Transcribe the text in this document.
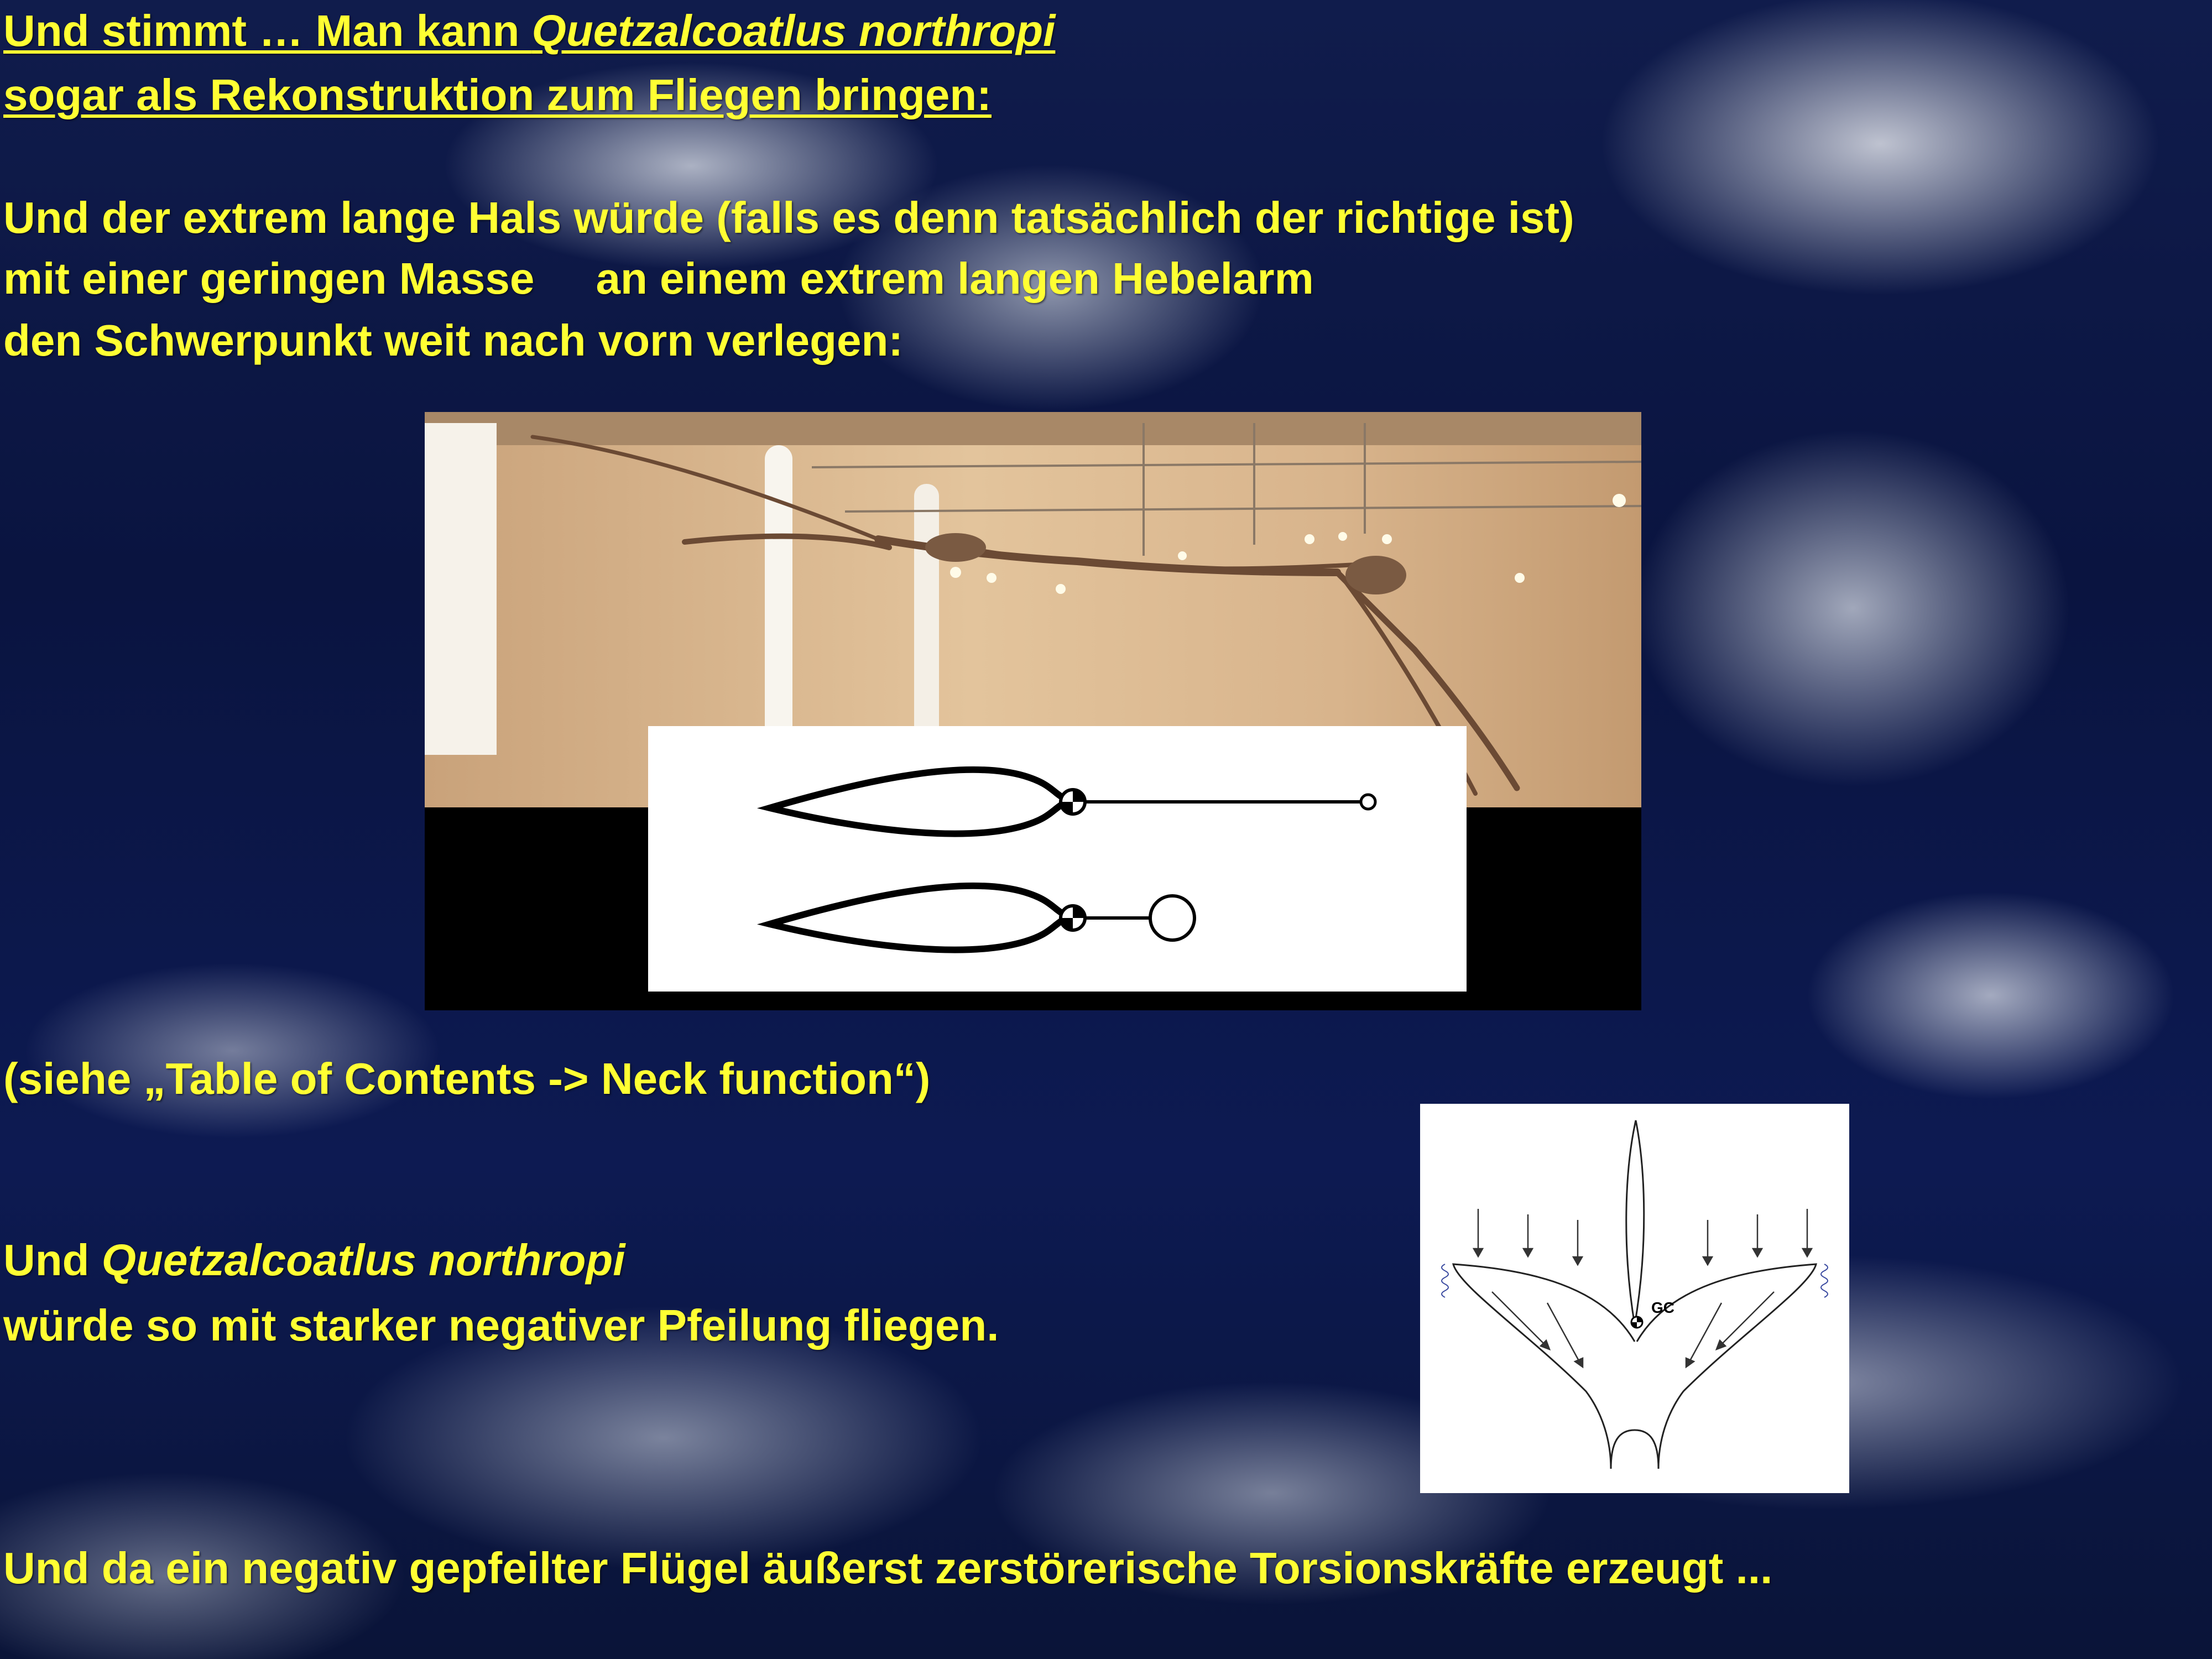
Und stimmt … Man kann Quetzalcoatlus northropi

sogar als Rekonstruktion zum Fliegen bringen:

Und der extrem lange Hals würde (falls es denn tatsächlich der richtige ist)

mit einer geringen Masse     an einem extrem langen Hebelarm

den Schwerpunkt weit nach vorn verlegen:

(siehe „Table of Contents -> Neck function“)

Und Quetzalcoatlus northropi

würde so mit starker negativer Pfeilung fliegen.	GC

Und da ein negativ gepfeilter Flügel äußerst zerstörerische Torsionskräfte erzeugt ...
